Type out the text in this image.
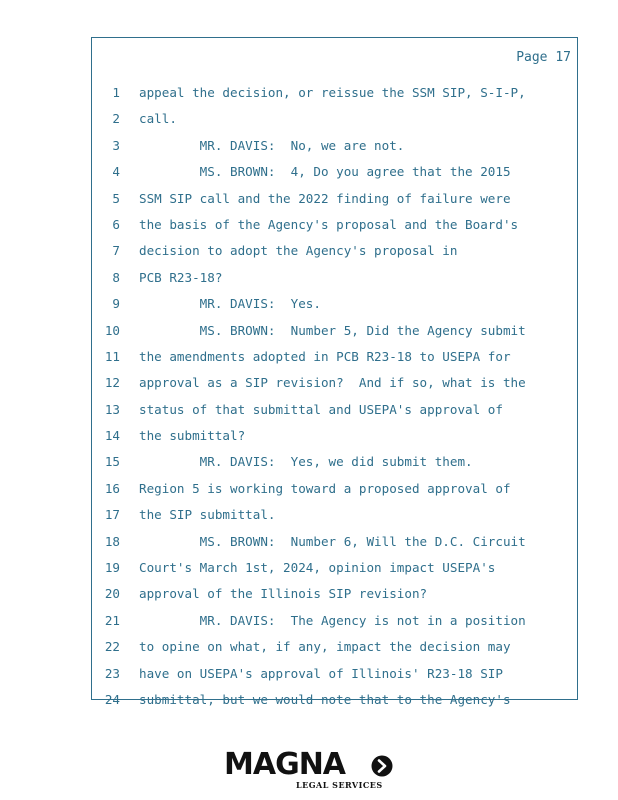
Page 17
1 appeal the decision, or reissue the SSM SIP, S-I-P,
2 call.
3 MR. DAVIS:  No, we are not.
4 MS. BROWN:  4, Do you agree that the 2015
5 SSM SIP call and the 2022 finding of failure were
6 the basis of the Agency's proposal and the Board's
7 decision to adopt the Agency's proposal in
8 PCB R23-18?
9 MR. DAVIS:  Yes.
10 MS. BROWN:  Number 5, Did the Agency submit
11 the amendments adopted in PCB R23-18 to USEPA for
12 approval as a SIP revision?  And if so, what is the
13 status of that submittal and USEPA's approval of
14 the submittal?
15 MR. DAVIS:  Yes, we did submit them.
16 Region 5 is working toward a proposed approval of
17 the SIP submittal.
18 MS. BROWN:  Number 6, Will the D.C. Circuit
19 Court's March 1st, 2024, opinion impact USEPA's
20 approval of the Illinois SIP revision?
21 MR. DAVIS:  The Agency is not in a position
22 to opine on what, if any, impact the decision may
23 have on USEPA's approval of Illinois' R23-18 SIP
24 submittal, but we would note that to the Agency's
MAGNA
LEGAL SERVICES
